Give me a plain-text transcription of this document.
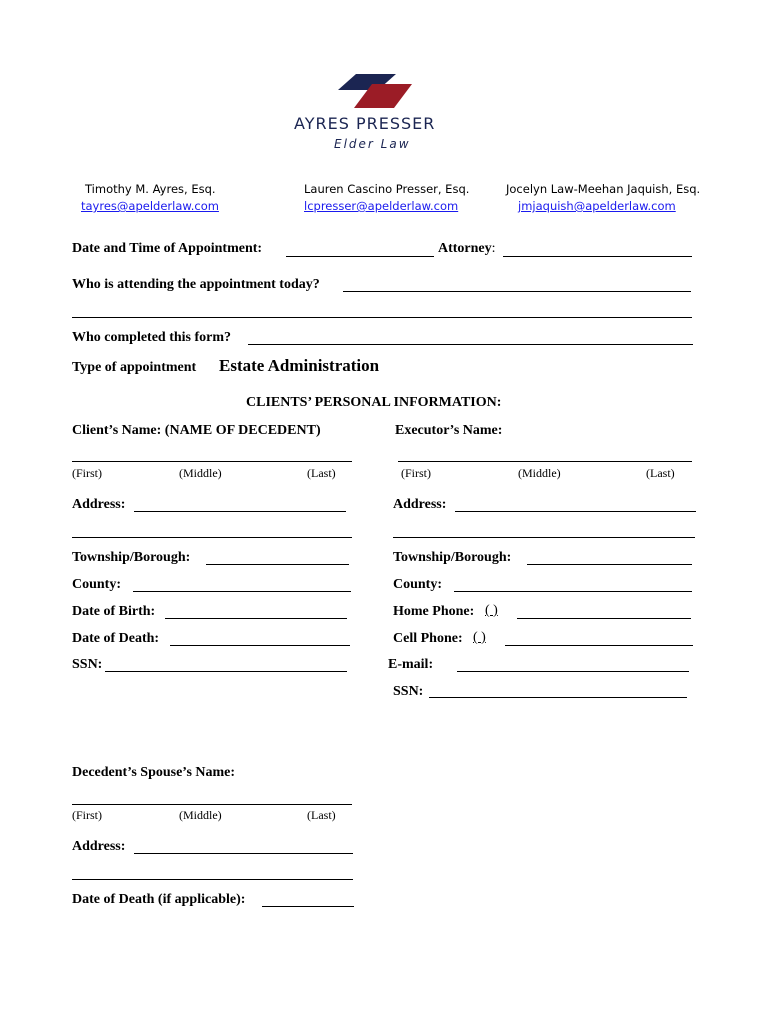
AYRES PRESSER
Elder Law
Timothy M. Ayres, Esq.
tayres@apelderlaw.com
Lauren Cascino Presser, Esq.
lcpresser@apelderlaw.com
Jocelyn Law-Meehan Jaquish, Esq.
jmjaquish@apelderlaw.com
Date and Time of Appointment:	Attorney:
Who is attending the appointment today?
Who completed this form?
Type of appointment Estate Administration
CLIENTS’ PERSONAL INFORMATION:
Client’s Name: (NAME OF DECEDENT)
(First)	(Middle)	(Last)
Address:
Township/Borough:
County:
Date of Birth:
Date of Death:
SSN:
Executor’s Name:
(First)	(Middle)	(Last)
Address:
Township/Borough:
County:
Home Phone: ( )
Cell Phone: ( )
E-mail:
SSN:
Decedent’s Spouse’s Name:
(First)	(Middle)	(Last)
Address:
Date of Death (if applicable):
